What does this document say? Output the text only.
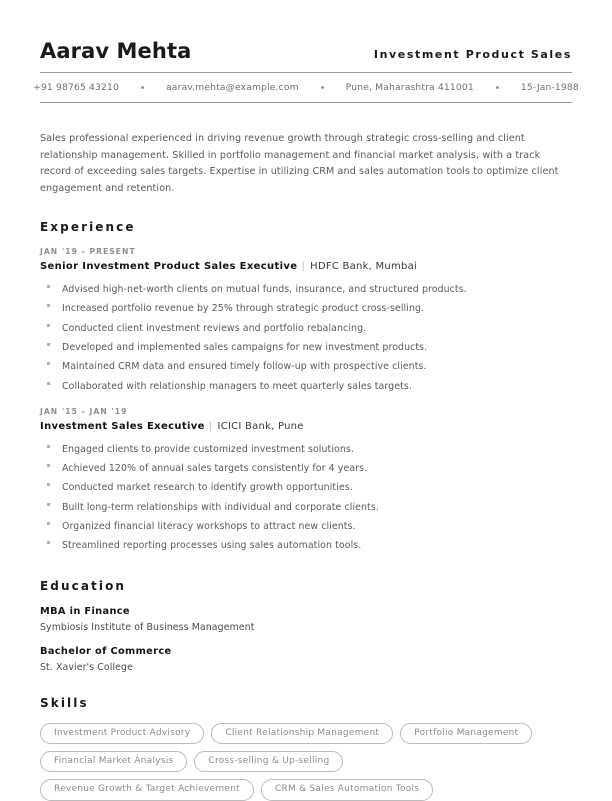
Aarav Mehta	Investment Product Sales
+91 98765 43210	aarav.mehta@example.com	Pune, Maharashtra 411001	15-Jan-1988
Sales professional experienced in driving revenue growth through strategic cross-selling and client relationship management. Skilled in portfolio management and financial market analysis, with a track record of exceeding sales targets. Expertise in utilizing CRM and sales automation tools to optimize client engagement and retention.
Experience
JAN '19 - PRESENT
Senior Investment Product Sales Executive | HDFC Bank, Mumbai
Advised high-net-worth clients on mutual funds, insurance, and structured products.
Increased portfolio revenue by 25% through strategic product cross-selling.
Conducted client investment reviews and portfolio rebalancing.
Developed and implemented sales campaigns for new investment products.
Maintained CRM data and ensured timely follow-up with prospective clients.
Collaborated with relationship managers to meet quarterly sales targets.
JAN '15 - JAN '19
Investment Sales Executive | ICICI Bank, Pune
Engaged clients to provide customized investment solutions.
Achieved 120% of annual sales targets consistently for 4 years.
Conducted market research to identify growth opportunities.
Built long-term relationships with individual and corporate clients.
Organized financial literacy workshops to attract new clients.
Streamlined reporting processes using sales automation tools.
Education
MBA in Finance
Symbiosis Institute of Business Management
Bachelor of Commerce
St. Xavier's College
Skills
Investment Product Advisory	Client Relationship Management	Portfolio Management
Financial Market Analysis	Cross-selling & Up-selling
Revenue Growth & Target Achievement	CRM & Sales Automation Tools
